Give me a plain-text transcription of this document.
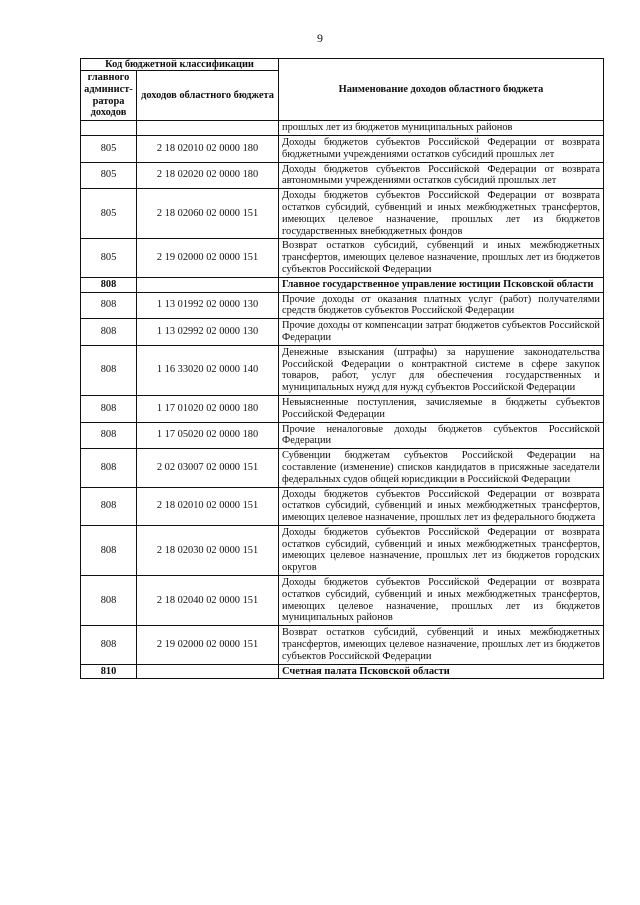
9
Код бюджетной классификации		Наименование доходов областного бюджета
главного админист-ратора доходов	доходов областного бюджета	
		прошлых лет из бюджетов муниципальных районов
805	2 18 02010 02 0000 180	Доходы бюджетов субъектов Российской Федерации от возврата бюджетными учреждениями остатков субсидий прошлых лет
805	2 18 02020 02 0000 180	Доходы бюджетов субъектов Российской Федерации от возврата автономными учреждениями остатков субсидий прошлых лет
805	2 18 02060 02 0000 151	Доходы бюджетов субъектов Российской Федерации от возврата остатков субсидий, субвенций и иных межбюджетных трансфертов, имеющих целевое назначение, прошлых лет из бюджетов государственных внебюджетных фондов
805	2 19 02000 02 0000 151	Возврат остатков субсидий, субвенций и иных межбюджетных трансфертов, имеющих целевое назначение, прошлых лет из бюджетов субъектов Российской Федерации
808		Главное государственное управление юстиции Псковской области
808	1 13 01992 02 0000 130	Прочие доходы от оказания платных услуг (работ) получателями средств бюджетов субъектов Российской Федерации
808	1 13 02992 02 0000 130	Прочие доходы от компенсации затрат бюджетов субъектов Российской Федерации
808	1 16 33020 02 0000 140	Денежные взыскания (штрафы) за нарушение законодательства Российской Федерации о контрактной системе в сфере закупок товаров, работ, услуг для обеспечения государственных и муниципальных нужд для нужд субъектов Российской Федерации
808	1 17 01020 02 0000 180	Невыясненные поступления, зачисляемые в бюджеты субъектов Российской Федерации
808	1 17 05020 02 0000 180	Прочие неналоговые доходы бюджетов субъектов Российской Федерации
808	2 02 03007 02 0000 151	Субвенции бюджетам субъектов Российской Федерации на составление (изменение) списков кандидатов в присяжные заседатели федеральных судов общей юрисдикции в Российской Федерации
808	2 18 02010 02 0000 151	Доходы бюджетов субъектов Российской Федерации от возврата остатков субсидий, субвенций и иных межбюджетных трансфертов, имеющих целевое назначение, прошлых лет из федерального бюджета
808	2 18 02030 02 0000 151	Доходы бюджетов субъектов Российской Федерации от возврата остатков субсидий, субвенций и иных межбюджетных трансфертов, имеющих целевое назначение, прошлых лет из бюджетов городских округов
808	2 18 02040 02 0000 151	Доходы бюджетов субъектов Российской Федерации от возврата остатков субсидий, субвенций и иных межбюджетных трансфертов, имеющих целевое назначение, прошлых лет из бюджетов муниципальных районов
808	2 19 02000 02 0000 151	Возврат остатков субсидий, субвенций и иных межбюджетных трансфертов, имеющих целевое назначение, прошлых лет из бюджетов субъектов Российской Федерации
810		Счетная палата Псковской области
